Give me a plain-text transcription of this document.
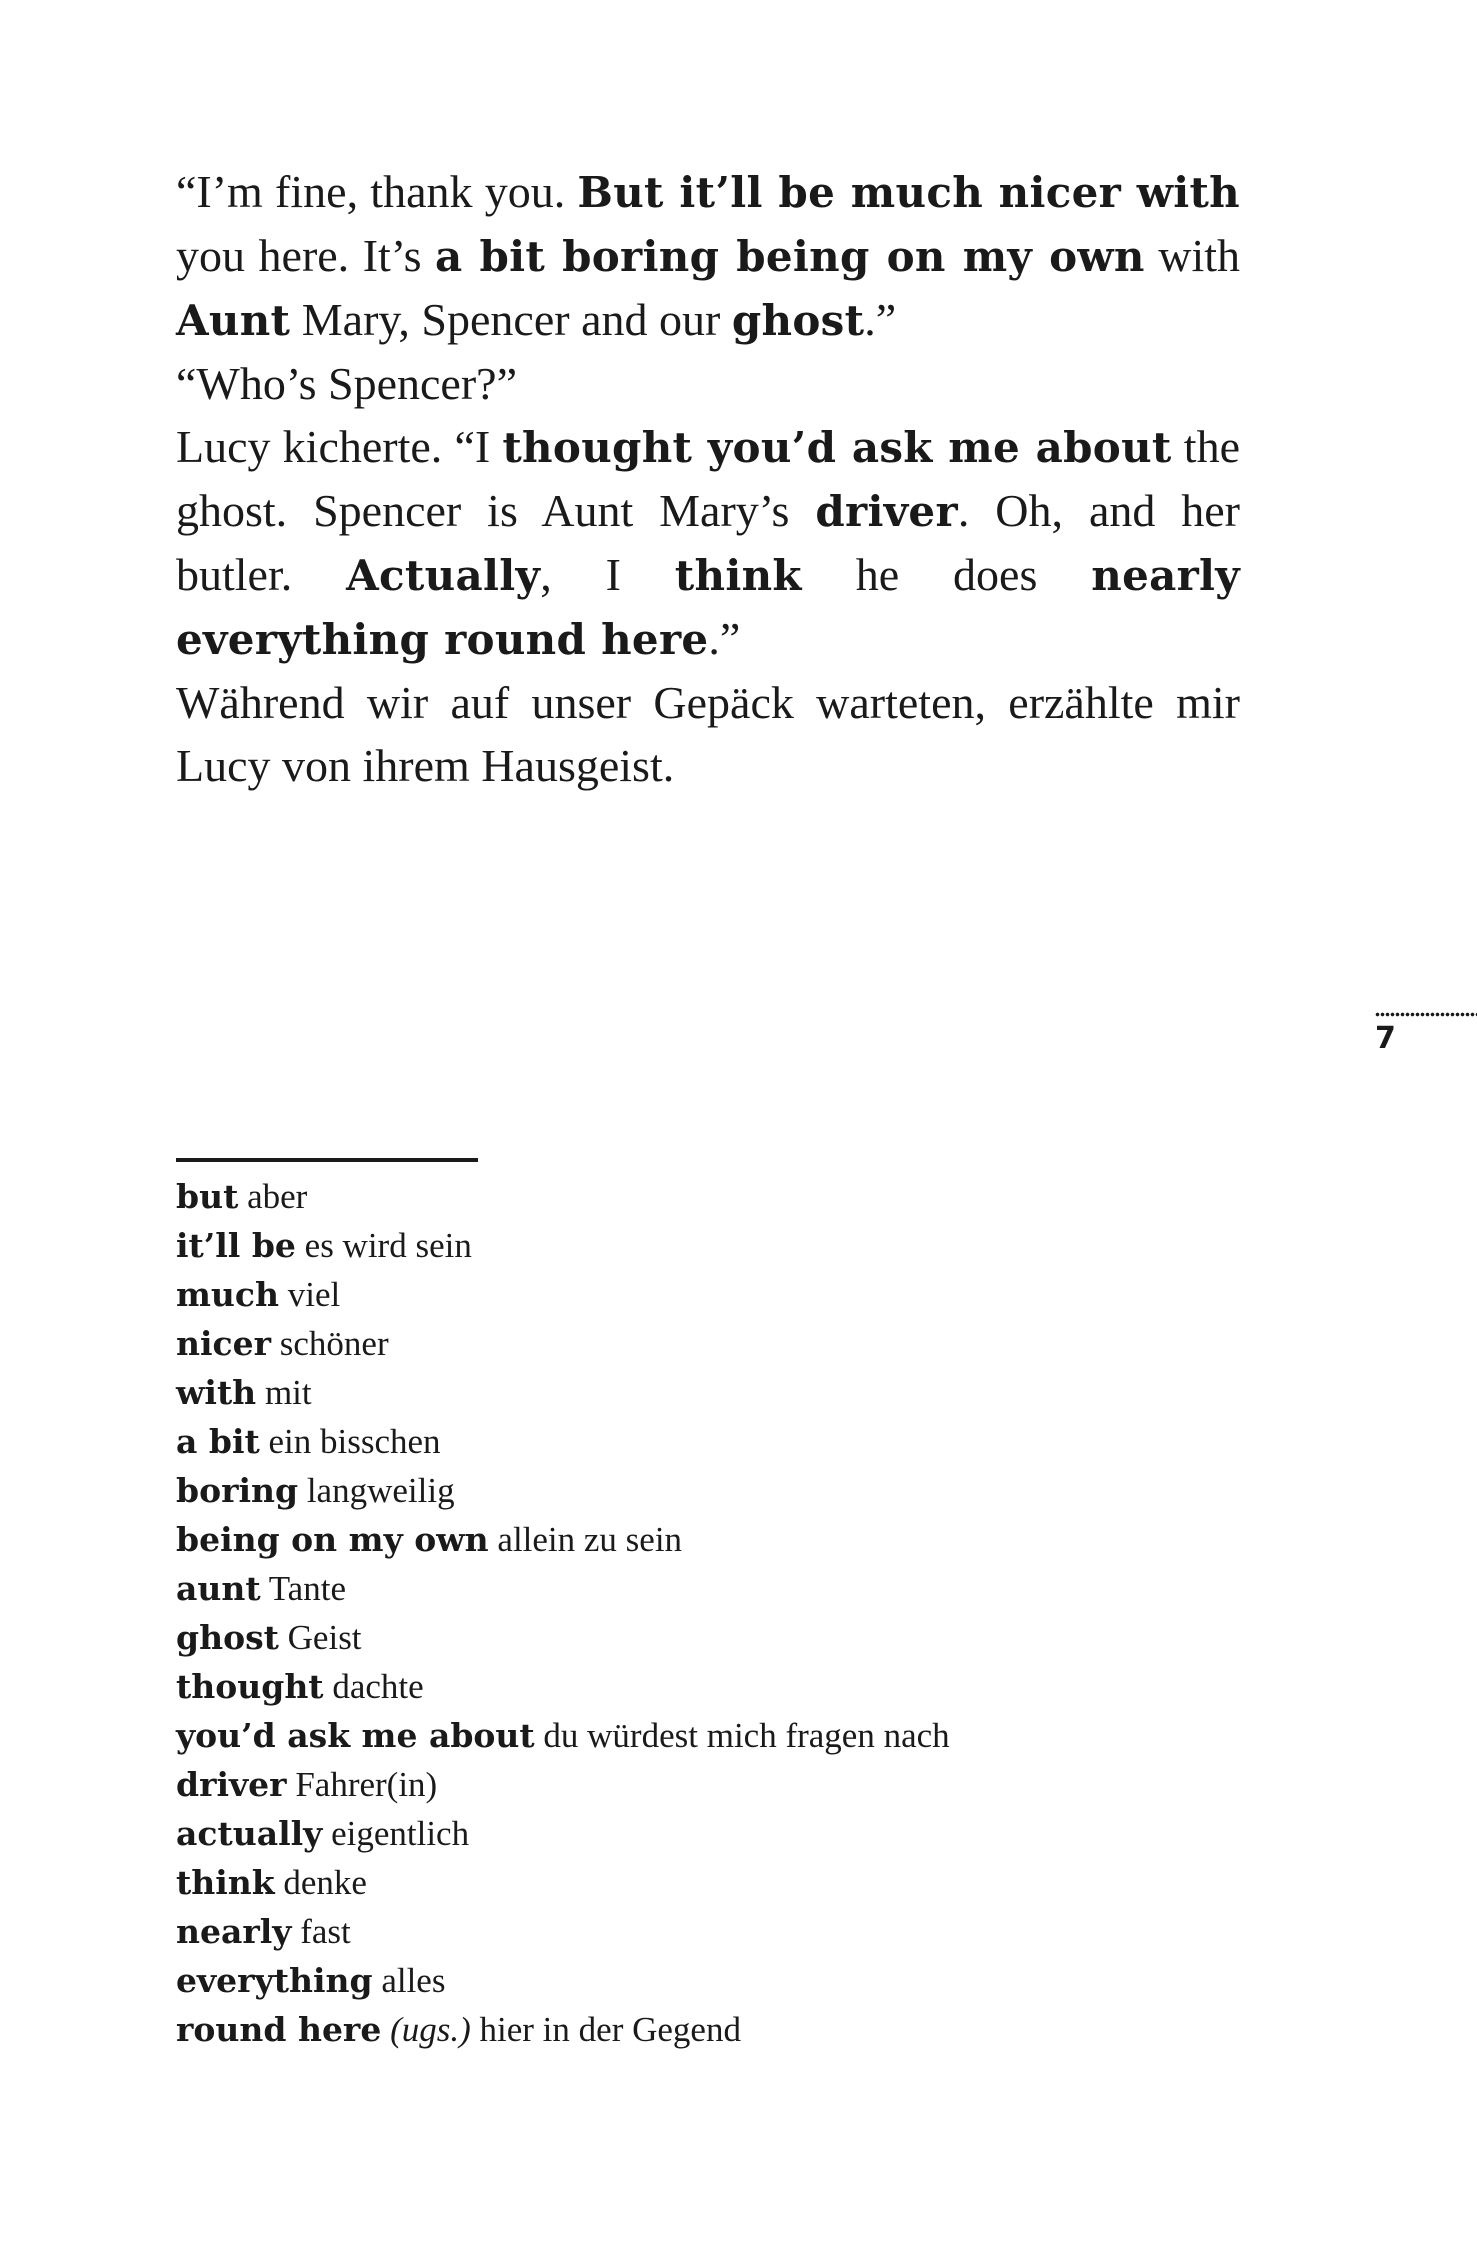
“I’m fine, thank you. But it’ll be much nicer with you here. It’s a bit boring being on my own with Aunt Mary, Spencer and our ghost.”

“Who’s Spencer?”

Lucy kicherte. “I thought you’d ask me about the ghost. Spencer is Aunt Mary’s driver. Oh, and her butler. Actually, I think he does nearly everything round here.”

Während wir auf unser Gepäck warteten, erzählte mir Lucy von ihrem Hausgeist.

7
but aber
it’ll be es wird sein
much viel
nicer schöner
with mit
a bit ein bisschen
boring langweilig
being on my own allein zu sein
aunt Tante
ghost Geist
thought dachte
you’d ask me about du würdest mich fragen nach
driver Fahrer(in)
actually eigentlich
think denke
nearly fast
everything alles
round here (ugs.) hier in der Gegend
